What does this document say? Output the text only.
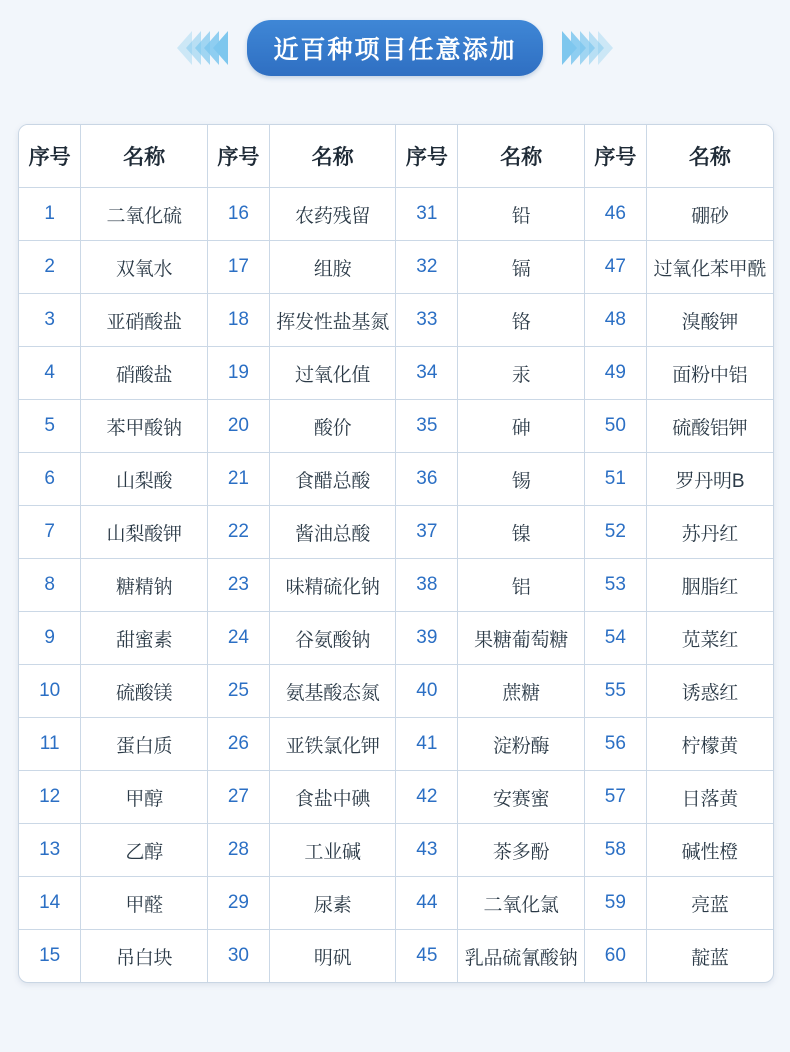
近百种项目任意添加
序号	名称	序号	名称	序号	名称	序号	名称
1	二氧化硫	16	农药残留	31	铅	46	硼砂
2	双氧水	17	组胺	32	镉	47	过氧化苯甲酰
3	亚硝酸盐	18	挥发性盐基氮	33	铬	48	溴酸钾
4	硝酸盐	19	过氧化值	34	汞	49	面粉中铝
5	苯甲酸钠	20	酸价	35	砷	50	硫酸铝钾
6	山梨酸	21	食醋总酸	36	锡	51	罗丹明B
7	山梨酸钾	22	酱油总酸	37	镍	52	苏丹红
8	糖精钠	23	味精硫化钠	38	铝	53	胭脂红
9	甜蜜素	24	谷氨酸钠	39	果糖葡萄糖	54	苋菜红
10	硫酸镁	25	氨基酸态氮	40	蔗糖	55	诱惑红
11	蛋白质	26	亚铁氯化钾	41	淀粉酶	56	柠檬黄
12	甲醇	27	食盐中碘	42	安赛蜜	57	日落黄
13	乙醇	28	工业碱	43	茶多酚	58	碱性橙
14	甲醛	29	尿素	44	二氧化氯	59	亮蓝
15	吊白块	30	明矾	45	乳品硫氰酸钠	60	靛蓝
